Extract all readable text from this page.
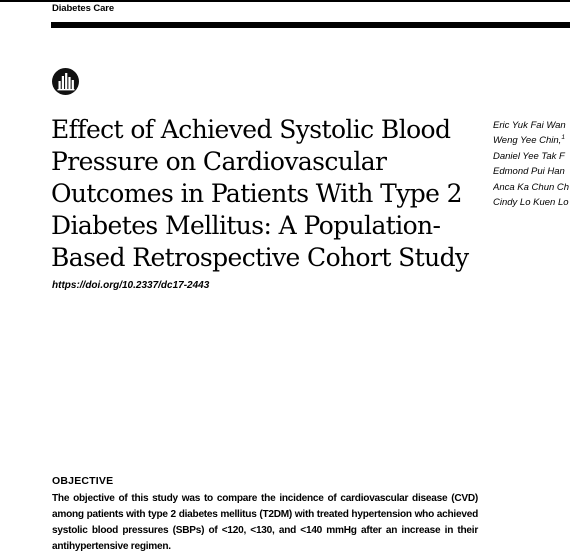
Diabetes Care
Effect of Achieved Systolic Blood Pressure on Cardiovascular Outcomes in Patients With Type 2 Diabetes Mellitus: A Population-Based Retrospective Cohort Study
https://doi.org/10.2337/dc17-2443
Eric Yuk Fai Wan
Weng Yee Chin,$^1$
Daniel Yee Tak F
Edmond Pui Han
Anca Ka Chun Ch
Cindy Lo Kuen Lo
OBJECTIVE

The objective of this study was to compare the incidence of cardiovascular disease (CVD) among patients with type 2 diabetes mellitus (T2DM) with treated hypertension who achieved systolic blood pressures (SBPs) of <120, <130, and <140 mmHg after an increase in their antihypertensive regimen.
